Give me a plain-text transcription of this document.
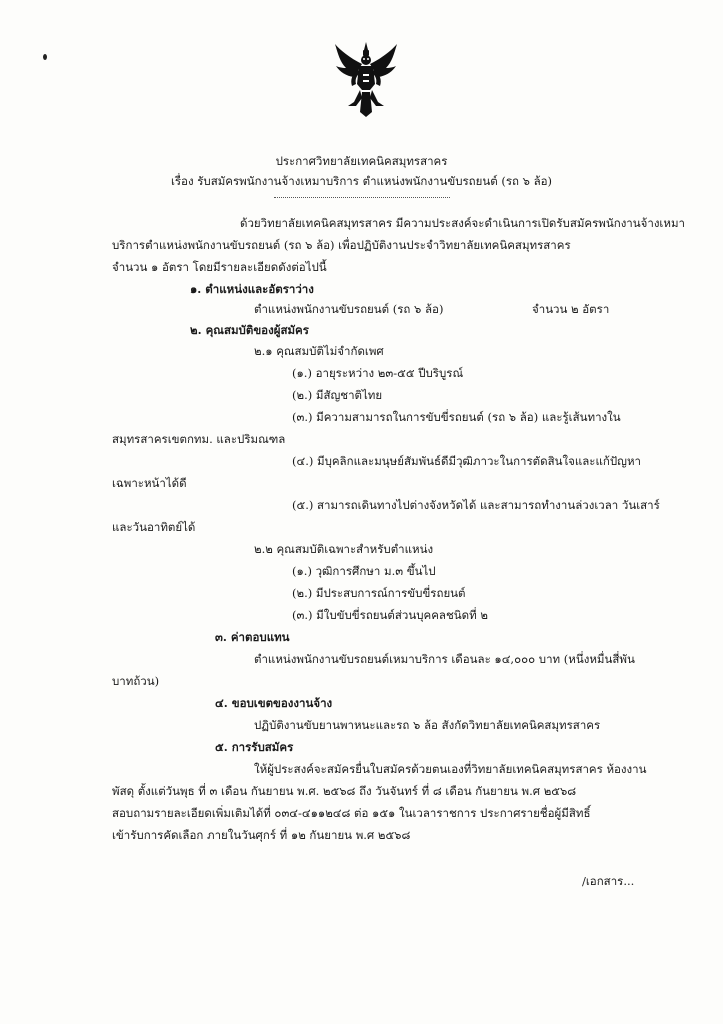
ประกาศวิทยาลัยเทคนิคสมุทรสาคร
เรื่อง รับสมัครพนักงานจ้างเหมาบริการ ตำแหน่งพนักงานขับรถยนต์ (รถ ๖ ล้อ)
ด้วยวิทยาลัยเทคนิคสมุทรสาคร มีความประสงค์จะดำเนินการเปิดรับสมัครพนักงานจ้างเหมา
บริการตำแหน่งพนักงานขับรถยนต์ (รถ ๖ ล้อ) เพื่อปฏิบัติงานประจำวิทยาลัยเทคนิคสมุทรสาคร
จำนวน ๑ อัตรา โดยมีรายละเอียดดังต่อไปนี้
๑. ตำแหน่งและอัตราว่าง
ตำแหน่งพนักงานขับรถยนต์ (รถ ๖ ล้อ)	จำนวน ๒ อัตรา
๒. คุณสมบัติของผู้สมัคร
๒.๑ คุณสมบัติไม่จำกัดเพศ
(๑.) อายุระหว่าง ๒๓-๕๕ ปีบริบูรณ์
(๒.) มีสัญชาติไทย
(๓.) มีความสามารถในการขับขี่รถยนต์ (รถ ๖ ล้อ) และรู้เส้นทางใน
สมุทรสาครเขตกทม. และปริมณฑล
(๔.) มีบุคลิกและมนุษย์สัมพันธ์ดีมีวุฒิภาวะในการตัดสินใจและแก้ปัญหา
เฉพาะหน้าได้ดี
(๕.) สามารถเดินทางไปต่างจังหวัดได้ และสามารถทำงานล่วงเวลา วันเสาร์
และวันอาทิตย์ได้
๒.๒ คุณสมบัติเฉพาะสำหรับตำแหน่ง
(๑.) วุฒิการศึกษา ม.๓ ขึ้นไป
(๒.) มีประสบการณ์การขับขี่รถยนต์
(๓.) มีใบขับขี่รถยนต์ส่วนบุคคลชนิดที่ ๒
๓. ค่าตอบแทน
ตำแหน่งพนักงานขับรถยนต์เหมาบริการ เดือนละ ๑๔,๐๐๐ บาท (หนึ่งหมื่นสี่พัน
บาทถ้วน)
๔. ขอบเขตของงานจ้าง
ปฏิบัติงานขับยานพาหนะและรถ ๖ ล้อ สังกัดวิทยาลัยเทคนิคสมุทรสาคร
๕. การรับสมัคร
ให้ผู้ประสงค์จะสมัครยื่นใบสมัครด้วยตนเองที่วิทยาลัยเทคนิคสมุทรสาคร ห้องงาน
พัสดุ ตั้งแต่วันพุธ ที่ ๓ เดือน กันยายน พ.ศ. ๒๕๖๘ ถึง วันจันทร์ ที่ ๘ เดือน กันยายน พ.ศ ๒๕๖๘
สอบถามรายละเอียดเพิ่มเติมได้ที่ ๐๓๔-๔๑๑๒๔๘ ต่อ ๑๕๑ ในเวลาราชการ ประกาศรายชื่อผู้มีสิทธิ์
เข้ารับการคัดเลือก ภายในวันศุกร์ ที่ ๑๒ กันยายน พ.ศ ๒๕๖๘
/เอกสาร...
